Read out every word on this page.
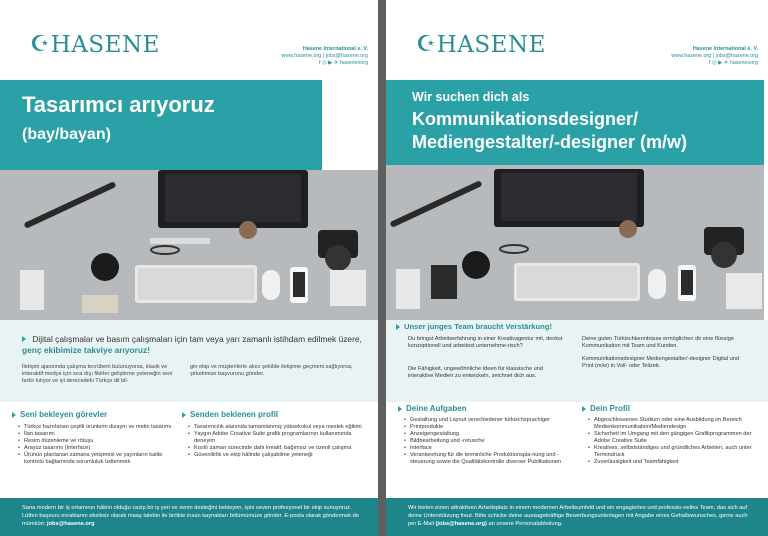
☪ HASENE	Hasene International e. V.
www.hasene.org | jobs@hasene.org
f ◎ ▶ ✈ hasenexorg
Tasarımcı arıyoruz
(bay/bayan)
Dijital çalışmalar ve basım çalışmaları için tam veya yarı zamanlı istihdam edilmek üzere, genç ekibimize takviye arıyoruz!

İletişim ajansında çalışma tecrübeni bulunuyorsa, klasik ve interaktif medya için sıra dışı fikirler geliştirme yeteneğin seni farklı kılıyor ve iyi derecedeki Türkçe dil bil-

gin ekip ve müşterilerle akıcı şekilde iletişime geçmeni sağlıyorsa, şirketimize başvurunu gönder.

Seni bekleyen görevler
• Türkçe hazırlanan çeşitli ürünlerin dizaynı ve metin tasarımı
• İlan tasarımı
• Resim düzenleme ve rötuşu
• Arayüz tasarımı (Interface)
• Ürünün planlanan zamana yetişmesi ve yayınların kalite kontrolü bağlamında sorumluluk üstlenmek
Senden beklenen profil
• Tasarımcılık alanında tamamlanmış yüksekokul veya meslek eğitimi
• Yaygın Adobe Creative Suite grafik programlarının kullanımında deneyim
• Kısıtlı zaman sürecinde dahi kreatif, bağımsız ve özenli çalışma
• Güvenilirlik ve ekip hâlinde çalışabilme yeteneği

Sana modern bir iş ortamının hâkim olduğu cazip bir iş yeri ve senin desteğini bekleyen, işini seven profesyonel bir ekip sunuyoruz. Lütfen başvuru evraklarını eksiksiz olarak maaş talebin ile birlikte insan kaynakları bölümümüze gönder. E-posta olarak göndermek de mümkün: jobs@hasene.org

☪ HASENE	Hasene International e. V.
www.hasene.org | jobs@hasene.org
f ◎ ▶ ✈ hasenexorg
Wir suchen dich als
Kommunikationsdesigner/
Mediengestalter/-designer (m/w)
Unser junges Team braucht Verstärkung!

Du bringst Arbeitserfahrung in einer Kreativagentur mit, denkst konzeptionell und arbeitest unternehme-risch?

Die Fähigkeit, ungewöhnliche Ideen für klassische und interaktive Medien zu entwickeln, zeichnet dich aus.

Deine guten Türkischkenntnisse ermöglichen dir eine flüssige Kommunikation mit Team und Kunden.

Kommunikationsdesigner Mediengestalter/-designer Digital und Print (m/w) in Voll- oder Teilzeit.

Deine Aufgaben
• Gestaltung und Layout verschiedener türkischsprachiger
• Printprodukte
• Anzeigengestaltung
• Bildbearbeitung und -retusche
• Interface
• Verantwortung für die terminliche Produktionspla-nung und -steuerung sowie die Qualitätskontrolle diverser Publikationen
Dein Profil
• Abgeschlossenes Studium oder eine Ausbildung im Bereich Medienkommunikation/Mediendesign
• Sicherheit im Umgang mit den gängigen Grafikprogrammen der Adobe Creative Suite
• Kreatives, selbstständiges und gründliches Arbeiten, auch unter Termindruck
• Zuverlässigkeit und Teamfähigkeit

Wir bieten einen attraktiven Arbeitsplatz in einem modernen Arbeitsumfeld und ein engagiertes und professio-nelles Team, das sich auf deine Unterstützung freut. Bitte schicke deine aussagekräftige Bewerbungsunterlagen mit Angabe eines Gehaltswunsches, gerne auch per E-Mail (jobs@hasene.org) an unsere Personalabteilung.
